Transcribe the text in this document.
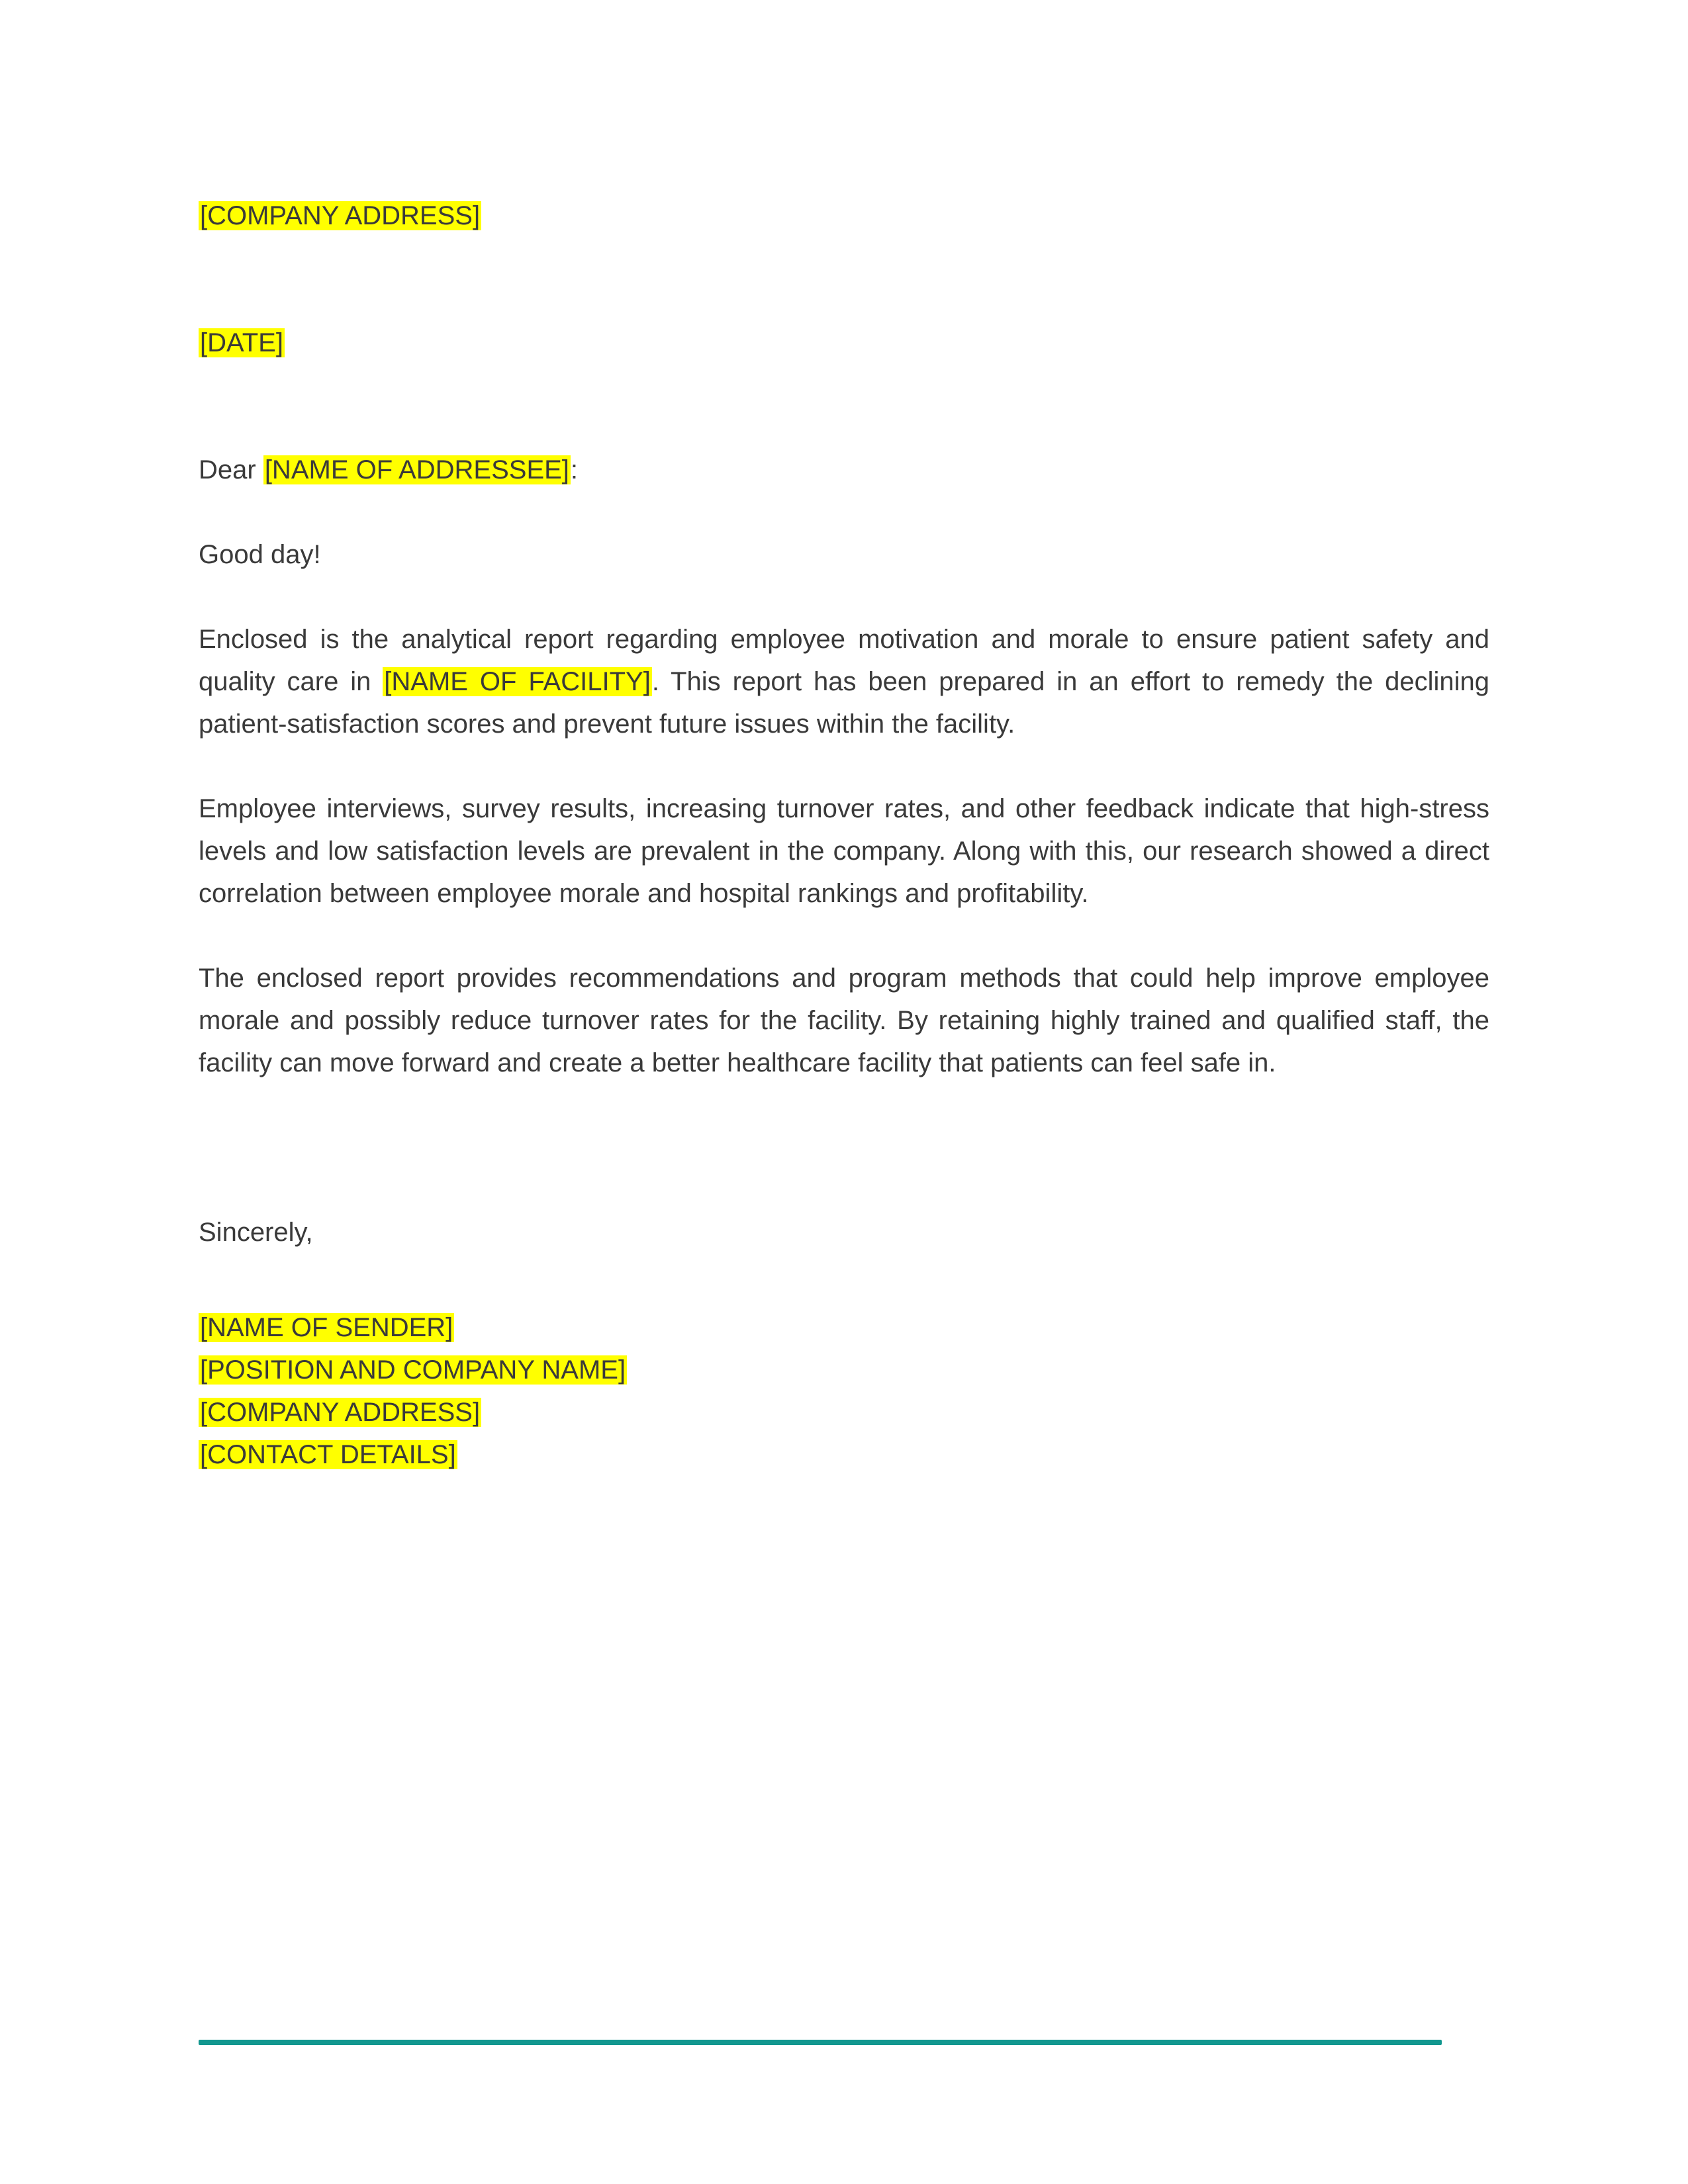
[COMPANY ADDRESS]
[DATE]
Dear [NAME OF ADDRESSEE]:
Good day!
Enclosed is the analytical report regarding employee motivation and morale to ensure patient safety and quality care in [NAME OF FACILITY]. This report has been prepared in an effort to remedy the declining patient-satisfaction scores and prevent future issues within the facility.
Employee interviews, survey results, increasing turnover rates, and other feedback indicate that high-stress levels and low satisfaction levels are prevalent in the company. Along with this, our research showed a direct correlation between employee morale and hospital rankings and profitability.
The enclosed report provides recommendations and program methods that could help improve employee morale and possibly reduce turnover rates for the facility. By retaining highly trained and qualified staff, the facility can move forward and create a better healthcare facility that patients can feel safe in.
Sincerely,
[NAME OF SENDER]
[POSITION AND COMPANY NAME]
[COMPANY ADDRESS]
[CONTACT DETAILS]
